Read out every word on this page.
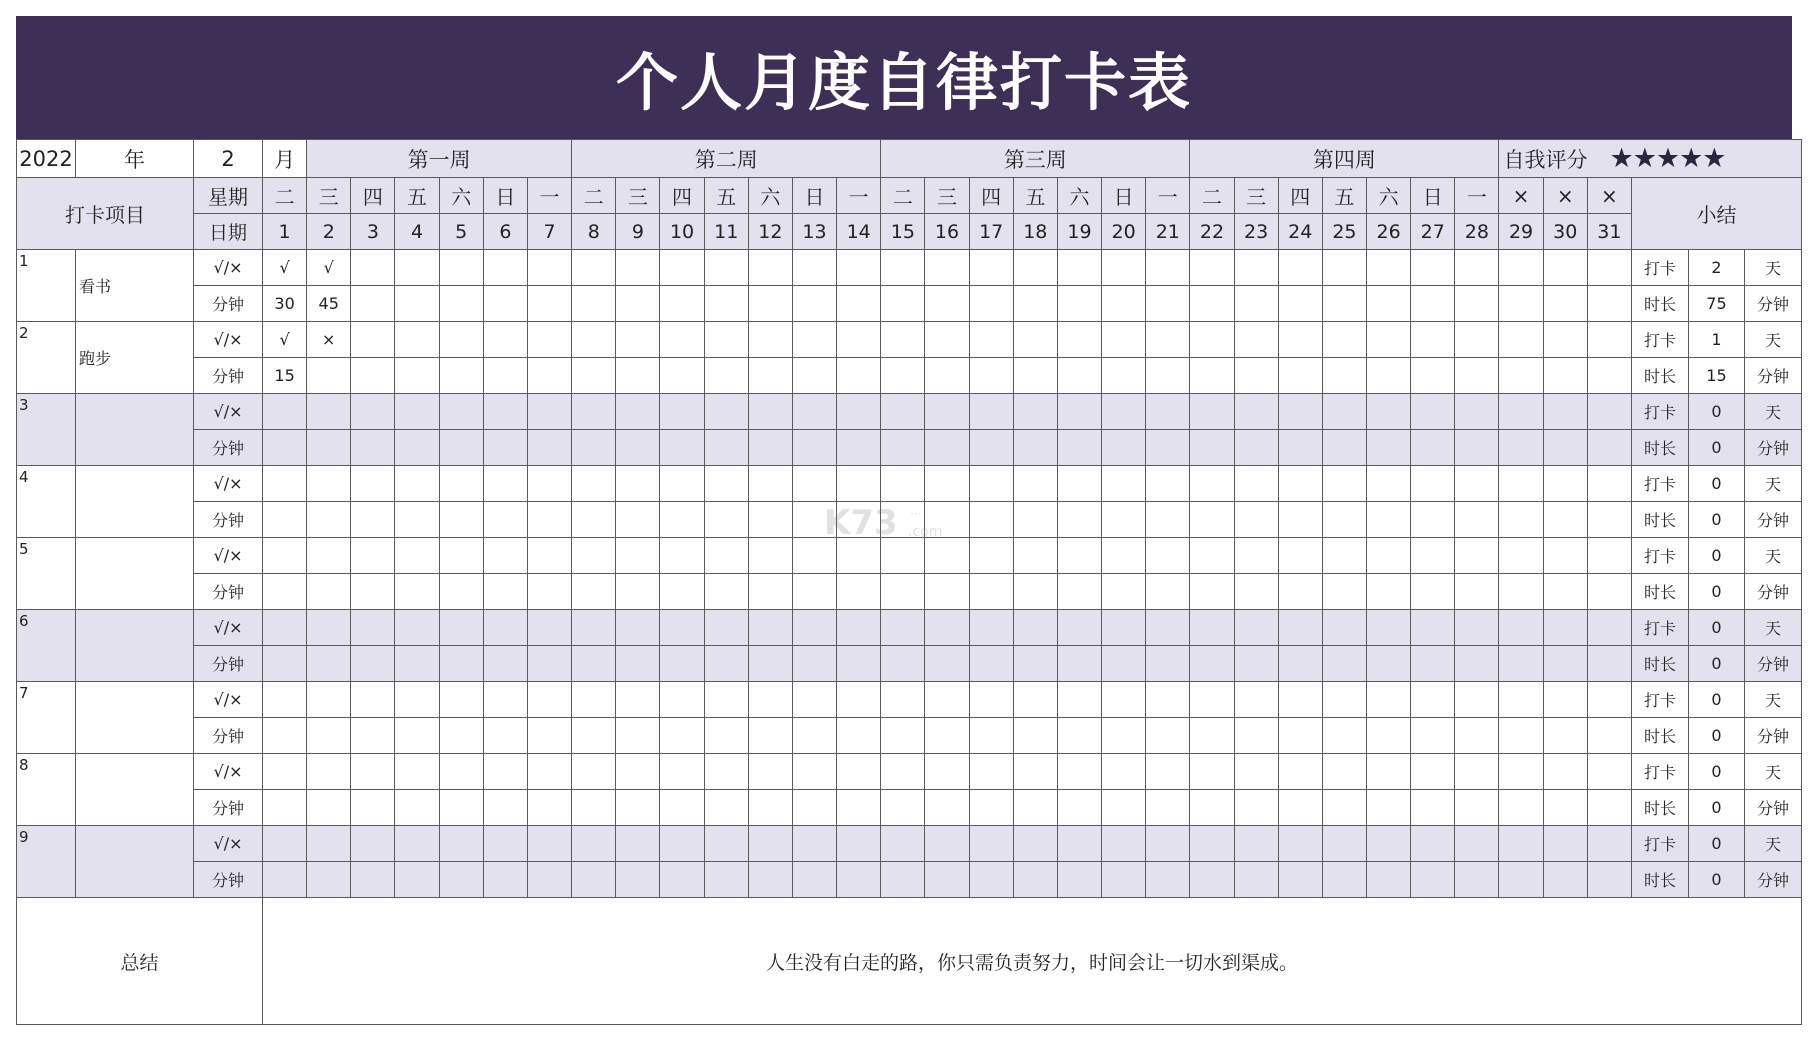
个人月度自律打卡表
2022	年	2	月	第一周						第二周							第三周							第四周							自我评分 ★★★★★					
打卡项目		星期	二	三	四	五	六	日	一	二	三	四	五	六	日	一	二	三	四	五	六	日	一	二	三	四	五	六	日	一	×	×	×	小结		
		日期	1	2	3	4	5	6	7	8	9	10	11	12	13	14	15	16	17	18	19	20	21	22	23	24	25	26	27	28	29	30	31			
1	看书	√/×	√	√																														打卡	2	天
		分钟	30	45																														时长	75	分钟
2	跑步	√/×	√	×																														打卡	1	天
		分钟	15																															时长	15	分钟
3		√/×																																打卡	0	天
		分钟																																时长	0	分钟
4		√/×																																打卡	0	天
		分钟																																时长	0	分钟
5		√/×																																打卡	0	天
		分钟																																时长	0	分钟
6		√/×																																打卡	0	天
		分钟																																时长	0	分钟
7		√/×																																打卡	0	天
		分钟																																时长	0	分钟
8		√/×																																打卡	0	天
		分钟																																时长	0	分钟
9		√/×																																打卡	0	天
		分钟																																时长	0	分钟
总结			人生没有白走的路，你只需负责努力，时间会让一切水到渠成。																																	
K73 ···
.com
